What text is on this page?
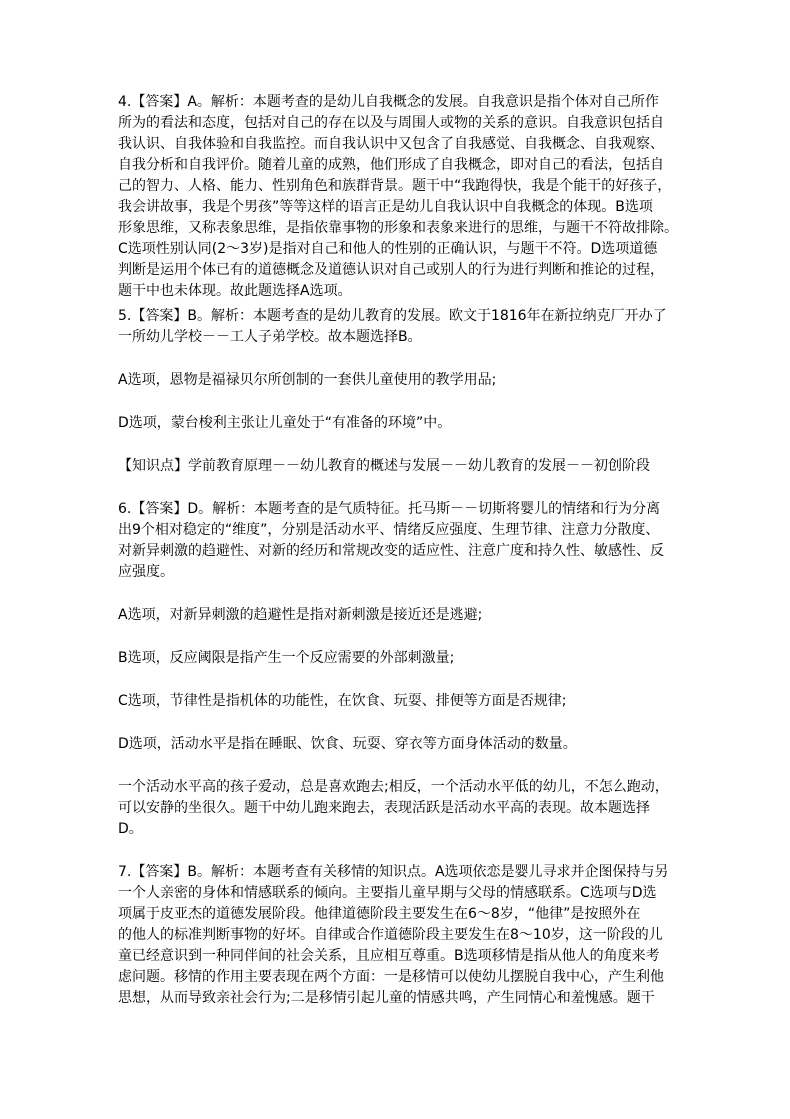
4.【答案】A。解析：本题考查的是幼儿自我概念的发展。自我意识是指个体对自己所作
所为的看法和态度，包括对自己的存在以及与周围人或物的关系的意识。自我意识包括自
我认识、自我体验和自我监控。而自我认识中又包含了自我感觉、自我概念、自我观察、
自我分析和自我评价。随着儿童的成熟，他们形成了自我概念，即对自己的看法，包括自
己的智力、人格、能力、性别角色和族群背景。题干中“我跑得快，我是个能干的好孩子，
我会讲故事，我是个男孩”等等这样的语言正是幼儿自我认识中自我概念的体现。B选项
形象思维，又称表象思维，是指依靠事物的形象和表象来进行的思维，与题干不符故排除。
C选项性别认同(2～3岁)是指对自己和他人的性别的正确认识，与题干不符。D选项道德
判断是运用个体已有的道德概念及道德认识对自己或别人的行为进行判断和推论的过程，
题干中也未体现。故此题选择A选项。
5.【答案】B。解析：本题考查的是幼儿教育的发展。欧文于1816年在新拉纳克厂开办了
一所幼儿学校－－工人子弟学校。故本题选择B。
A选项，恩物是福禄贝尔所创制的一套供儿童使用的教学用品;
D选项，蒙台梭利主张让儿童处于“有准备的环境”中。
【知识点】学前教育原理－－幼儿教育的概述与发展－－幼儿教育的发展－－初创阶段
6.【答案】D。解析：本题考查的是气质特征。托马斯－－切斯将婴儿的情绪和行为分离
出9个相对稳定的“维度”，分别是活动水平、情绪反应强度、生理节律、注意力分散度、
对新异刺激的趋避性、对新的经历和常规改变的适应性、注意广度和持久性、敏感性、反
应强度。
A选项，对新异刺激的趋避性是指对新刺激是接近还是逃避;
B选项，反应阈限是指产生一个反应需要的外部刺激量;
C选项，节律性是指机体的功能性，在饮食、玩耍、排便等方面是否规律;
D选项，活动水平是指在睡眠、饮食、玩耍、穿衣等方面身体活动的数量。
一个活动水平高的孩子爱动，总是喜欢跑去;相反，一个活动水平低的幼儿，不怎么跑动，
可以安静的坐很久。题干中幼儿跑来跑去，表现活跃是活动水平高的表现。故本题选择
D。
7.【答案】B。解析：本题考查有关移情的知识点。A选项依恋是婴儿寻求并企图保持与另
一个人亲密的身体和情感联系的倾向。主要指儿童早期与父母的情感联系。C选项与D选
项属于皮亚杰的道德发展阶段。他律道德阶段主要发生在6～8岁，“他律”是按照外在
的他人的标准判断事物的好坏。自律或合作道德阶段主要发生在8～10岁，这一阶段的儿
童已经意识到一种同伴间的社会关系，且应相互尊重。B选项移情是指从他人的角度来考
虑问题。移情的作用主要表现在两个方面：一是移情可以使幼儿摆脱自我中心，产生利他
思想，从而导致亲社会行为;二是移情引起儿童的情感共鸣，产生同情心和羞愧感。题干
